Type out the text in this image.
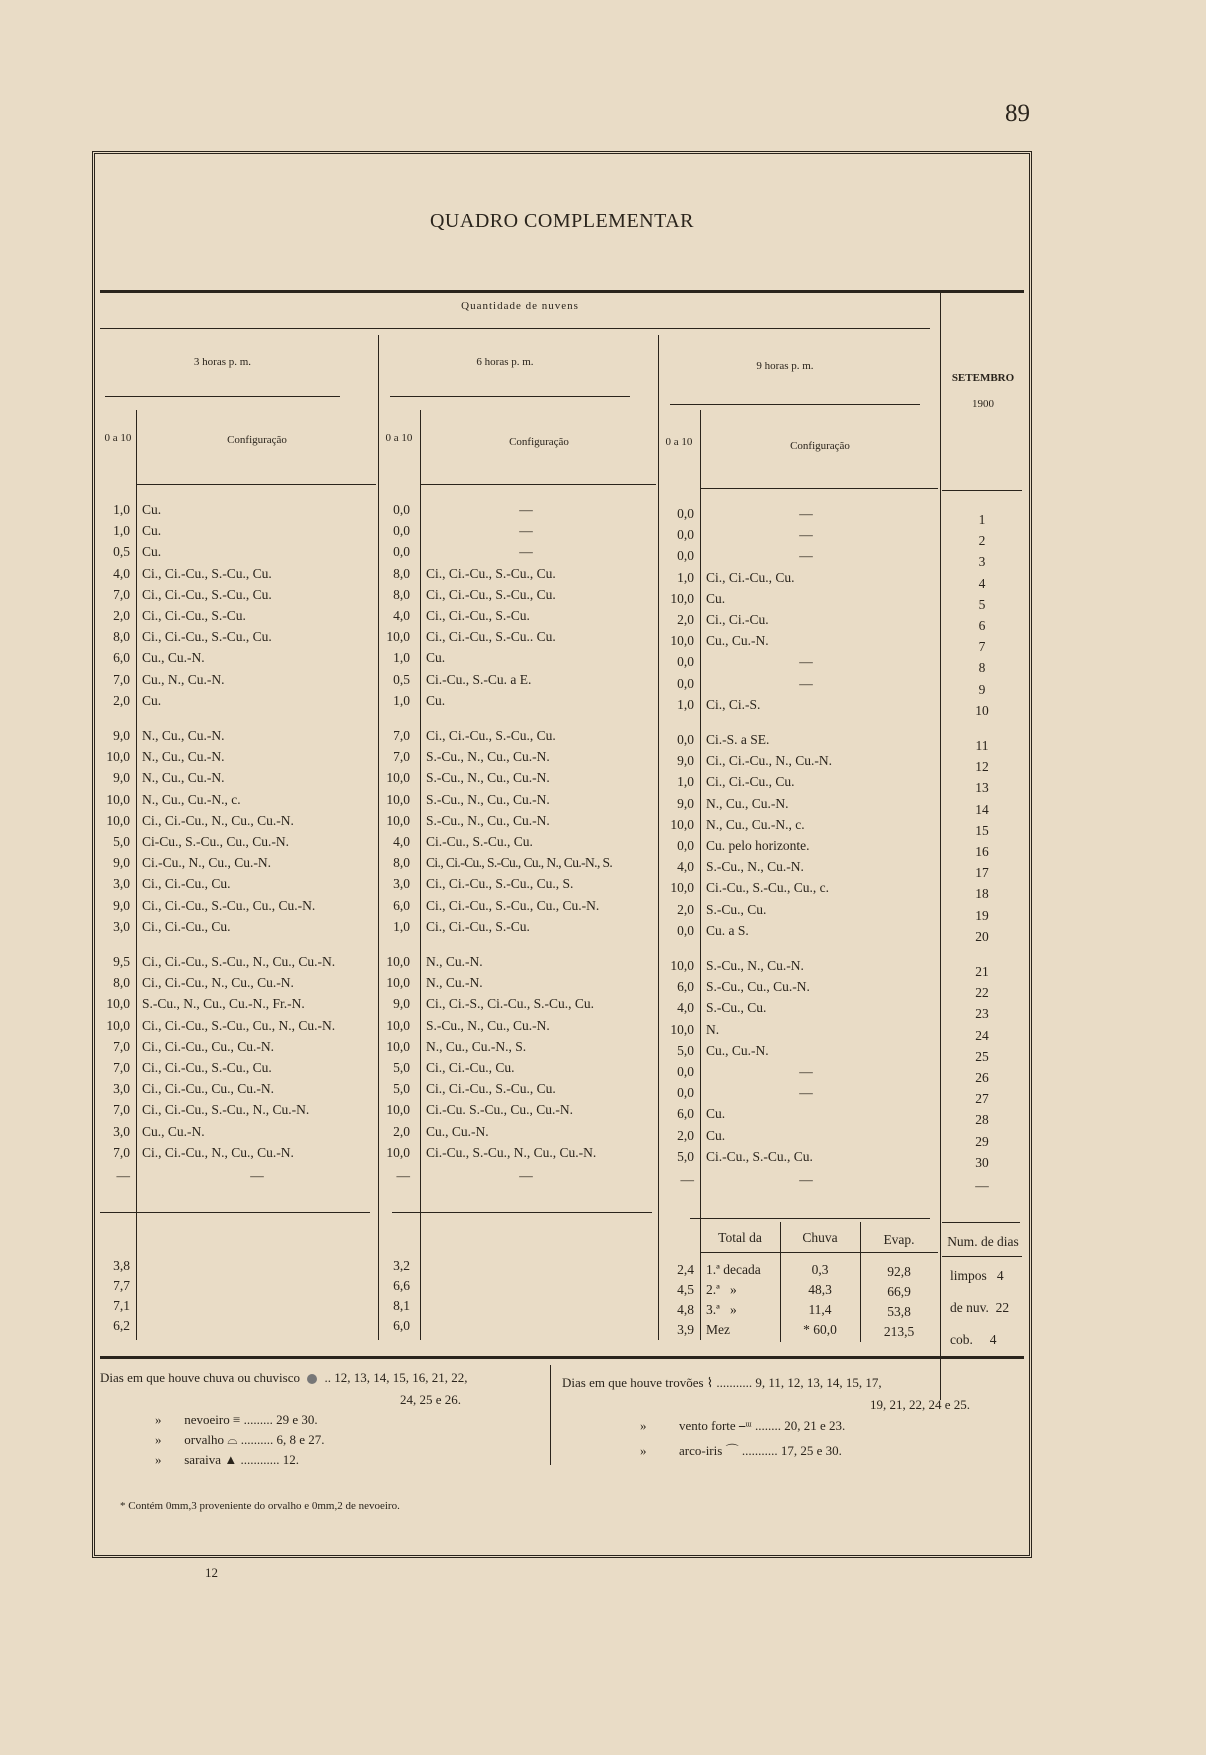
89
QUADRO COMPLEMENTAR
Quantidade de nuvens
3 horas p. m.	6 horas p. m.	9 horas p. m.
SETEMBRO
1900
0 a 10	Configuração	0 a 10	Configuração	0 a 10	Configuração
1,0 Cu.	0,0	—	0,0	—	1
1,0 Cu.	0,0	—	0,0	—	2
0,5 Cu.	0,0	—	0,0	—	3
4,0 Ci., Ci.-Cu., S.-Cu., Cu.	8,0 Ci., Ci.-Cu., S.-Cu., Cu.	1,0 Ci., Ci.-Cu., Cu.	4
7,0 Ci., Ci.-Cu., S.-Cu., Cu.	8,0 Ci., Ci.-Cu., S.-Cu., Cu.	10,0 Cu.	5
2,0 Ci., Ci.-Cu., S.-Cu.	4,0 Ci., Ci.-Cu., S.-Cu.	2,0 Ci., Ci.-Cu.	6
8,0 Ci., Ci.-Cu., S.-Cu., Cu.	10,0 Ci., Ci.-Cu., S.-Cu.. Cu.	10,0 Cu., Cu.-N.	7
6,0 Cu., Cu.-N.	1,0 Cu.	0,0	—	8
7,0 Cu., N., Cu.-N.	0,5 Ci.-Cu., S.-Cu. a E.	0,0	—	9
2,0 Cu.	1,0 Cu.	1,0 Ci., Ci.-S.	10
9,0 N., Cu., Cu.-N.	7,0 Ci., Ci.-Cu., S.-Cu., Cu.	0,0 Ci.-S. a SE.	11
10,0 N., Cu., Cu.-N.	7,0 S.-Cu., N., Cu., Cu.-N.	9,0 Ci., Ci.-Cu., N., Cu.-N.	12
9,0 N., Cu., Cu.-N.	10,0 S.-Cu., N., Cu., Cu.-N.	1,0 Ci., Ci.-Cu., Cu.	13
10,0 N., Cu., Cu.-N., c.	10,0 S.-Cu., N., Cu., Cu.-N.	9,0 N., Cu., Cu.-N.	14
10,0 Ci., Ci.-Cu., N., Cu., Cu.-N.	10,0 S.-Cu., N., Cu., Cu.-N.	10,0 N., Cu., Cu.-N., c.	15
5,0 Ci-Cu., S.-Cu., Cu., Cu.-N.	4,0 Ci.-Cu., S.-Cu., Cu.	0,0 Cu. pelo horizonte.	16
9,0 Ci.-Cu., N., Cu., Cu.-N.	8,0 Ci., Ci.-Cu., S.-Cu., Cu., N., Cu.-N., S.	4,0 S.-Cu., N., Cu.-N.	17
3,0 Ci., Ci.-Cu., Cu.	3,0 Ci., Ci.-Cu., S.-Cu., Cu., S.	10,0 Ci.-Cu., S.-Cu., Cu., c.	18
9,0 Ci., Ci.-Cu., S.-Cu., Cu., Cu.-N.	6,0 Ci., Ci.-Cu., S.-Cu., Cu., Cu.-N.	2,0 S.-Cu., Cu.	19
3,0 Ci., Ci.-Cu., Cu.	1,0 Ci., Ci.-Cu., S.-Cu.	0,0 Cu. a S.	20
9,5 Ci., Ci.-Cu., S.-Cu., N., Cu., Cu.-N.	10,0 N., Cu.-N.	10,0 S.-Cu., N., Cu.-N.	21
8,0 Ci., Ci.-Cu., N., Cu., Cu.-N.	10,0 N., Cu.-N.	6,0 S.-Cu., Cu., Cu.-N.	22
10,0 S.-Cu., N., Cu., Cu.-N., Fr.-N.	9,0 Ci., Ci.-S., Ci.-Cu., S.-Cu., Cu.	4,0 S.-Cu., Cu.	23
10,0 Ci., Ci.-Cu., S.-Cu., Cu., N., Cu.-N.	10,0 S.-Cu., N., Cu., Cu.-N.	10,0 N.	24
7,0 Ci., Ci.-Cu., Cu., Cu.-N.	10,0 N., Cu., Cu.-N., S.	5,0 Cu., Cu.-N.	25
7,0 Ci., Ci.-Cu., S.-Cu., Cu.	5,0 Ci., Ci.-Cu., Cu.	0,0	—	26
3,0 Ci., Ci.-Cu., Cu., Cu.-N.	5,0 Ci., Ci.-Cu., S.-Cu., Cu.	0,0	—	27
7,0 Ci., Ci.-Cu., S.-Cu., N., Cu.-N.	10,0 Ci.-Cu. S.-Cu., Cu., Cu.-N.	6,0 Cu.	28
3,0 Cu., Cu.-N.	2,0 Cu., Cu.-N.	2,0 Cu.	29
7,0 Ci., Ci.-Cu., N., Cu., Cu.-N.	10,0 Ci.-Cu., S.-Cu., N., Cu., Cu.-N.	5,0 Ci.-Cu., S.-Cu., Cu.	30
—	—	—	—	—	—	—
Total da	Chuva	Evap.	Num. de dias
3,8	3,2	2,4 1.ª decada	0,3	92,8
7,7	6,6	4,5 2.ª   »	48,3	66,9
7,1	8,1	4,8 3.ª   »	11,4	53,8
6,2	6,0	3,9 Mez	* 60,0	213,5
limpos   4
de nuv.  22
cob.     4
Dias em que houve chuva ou chuvisco .. 12, 13, 14, 15, 16, 21, 22,
24, 25 e 26.
»       nevoeiro ≡ ......... 29 e 30.
»       orvalho ⌓ .......... 6, 8 e 27.
»       saraiva ▲ ............ 12.
Dias em que houve trovões ⌇ ........... 9, 11, 12, 13, 14, 15, 17,
19, 21, 22, 24 e 25.
»          vento forte ⎯ᵚ ........ 20, 21 e 23.
»          arco-iris ⌒ ........... 17, 25 e 30.
* Contém 0mm,3 proveniente do orvalho e 0mm,2 de nevoeiro.
12
